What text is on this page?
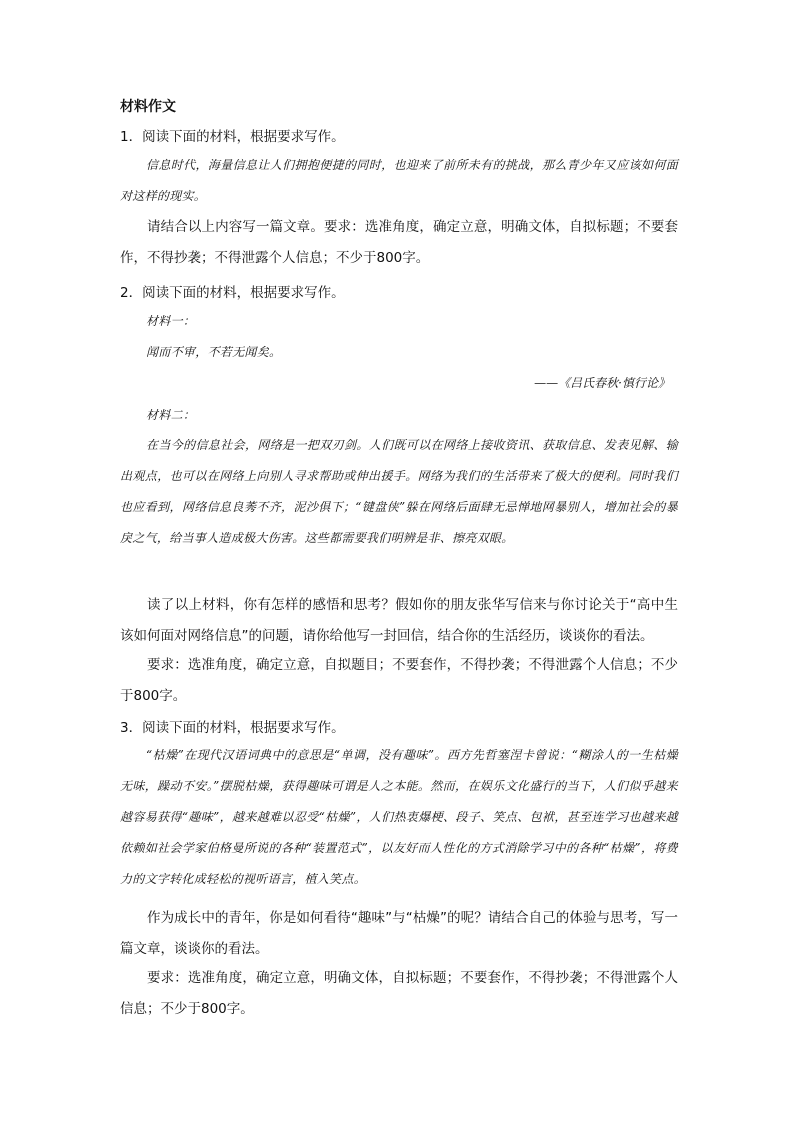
材料作文
1．阅读下面的材料，根据要求写作。
信息时代，海量信息让人们拥抱便捷的同时，也迎来了前所未有的挑战，那么青少年又应该如何面对这样的现实。
请结合以上内容写一篇文章。要求：选准角度，确定立意，明确文体，自拟标题；不要套作，不得抄袭；不得泄露个人信息；不少于800字。
2．阅读下面的材料，根据要求写作。
材料一：
闻而不审，不若无闻矣。
——《吕氏春秋·慎行论》
材料二：
在当今的信息社会，网络是一把双刃剑。人们既可以在网络上接收资讯、获取信息、发表见解、输出观点，也可以在网络上向别人寻求帮助或伸出援手。网络为我们的生活带来了极大的便利。同时我们也应看到，网络信息良莠不齐，泥沙俱下；“键盘侠”躲在网络后面肆无忌惮地网暴别人，增加社会的暴戾之气，给当事人造成极大伤害。这些都需要我们明辨是非、擦亮双眼。
读了以上材料，你有怎样的感悟和思考？假如你的朋友张华写信来与你讨论关于“高中生该如何面对网络信息”的问题，请你给他写一封回信，结合你的生活经历，谈谈你的看法。
要求：选准角度，确定立意，自拟题目；不要套作，不得抄袭；不得泄露个人信息；不少于800字。
3．阅读下面的材料，根据要求写作。
“枯燥”在现代汉语词典中的意思是“单调，没有趣味”。西方先哲塞涅卡曾说：“糊涂人的一生枯燥无味，躁动不安。”摆脱枯燥，获得趣味可谓是人之本能。然而，在娱乐文化盛行的当下，人们似乎越来越容易获得“趣味”，越来越难以忍受“枯燥”，人们热衷爆梗、段子、笑点、包袱，甚至连学习也越来越依赖如社会学家伯格曼所说的各种“装置范式”，以友好而人性化的方式消除学习中的各种“枯燥”，将费力的文字转化成轻松的视听语言，植入笑点。
作为成长中的青年，你是如何看待“趣味”与“枯燥”的呢？请结合自己的体验与思考，写一篇文章，谈谈你的看法。
要求：选准角度，确定立意，明确文体，自拟标题；不要套作，不得抄袭；不得泄露个人信息；不少于800字。
